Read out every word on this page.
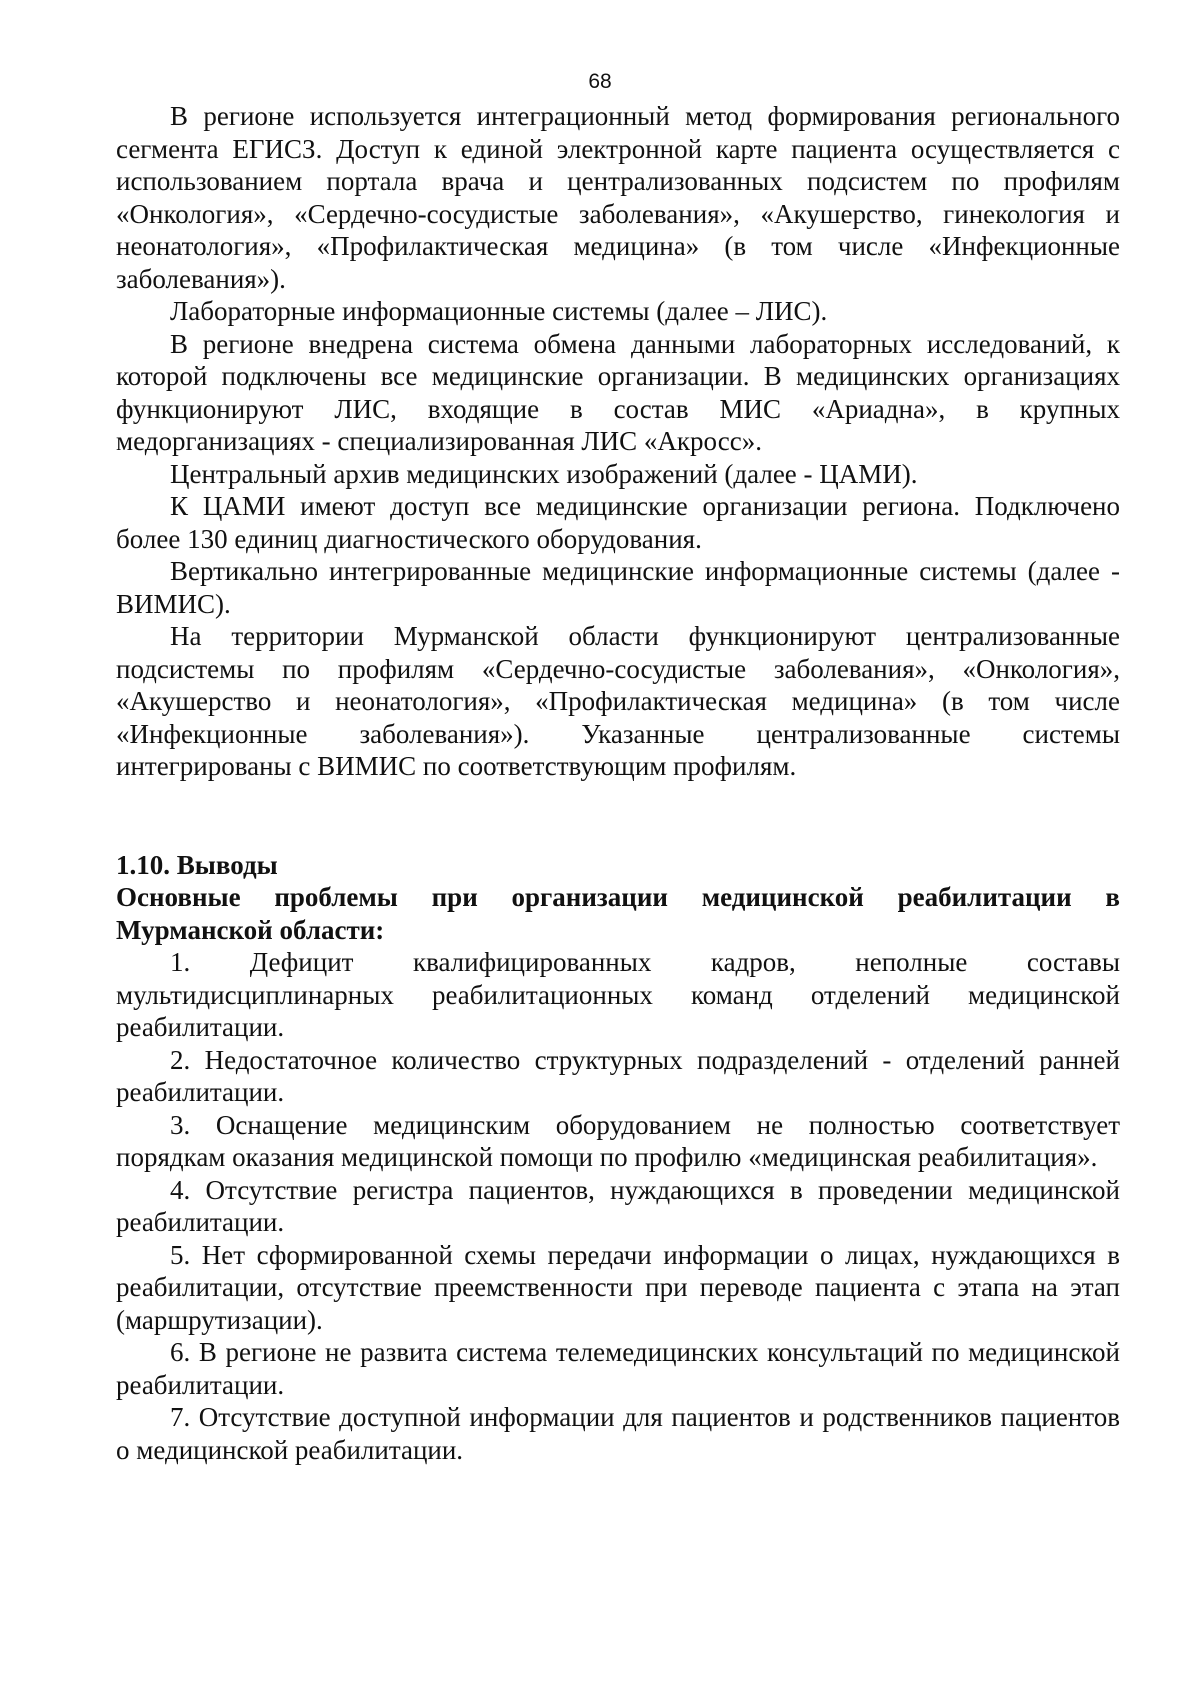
68

В регионе используется интеграционный метод формирования регионального сегмента ЕГИСЗ. Доступ к единой электронной карте пациента осуществляется с использованием портала врача и централизованных подсистем по профилям «Онкология», «Сердечно-сосудистые заболевания», «Акушерство, гинекология и неонатология», «Профилактическая медицина» (в том числе «Инфекционные заболевания»).

Лабораторные информационные системы (далее – ЛИС).

В регионе внедрена система обмена данными лабораторных исследований, к которой подключены все медицинские организации. В медицинских организациях функционируют ЛИС, входящие в состав МИС «Ариадна», в крупных медорганизациях - специализированная ЛИС «Акросс».

Центральный архив медицинских изображений (далее - ЦАМИ).

К ЦАМИ имеют доступ все медицинские организации региона. Подключено более 130 единиц диагностического оборудования.

Вертикально интегрированные медицинские информационные системы (далее - ВИМИС).

На территории Мурманской области функционируют централизованные подсистемы по профилям «Сердечно-сосудистые заболевания», «Онкология», «Акушерство и неонатология», «Профилактическая медицина» (в том числе «Инфекционные заболевания»). Указанные централизованные системы интегрированы с ВИМИС по соответствующим профилям.

1.10. Выводы
Основные проблемы при организации медицинской реабилитации в Мурманской области:

1. Дефицит квалифицированных кадров, неполные составы мультидисциплинарных реабилитационных команд отделений медицинской реабилитации.

2. Недостаточное количество структурных подразделений - отделений ранней реабилитации.

3. Оснащение медицинским оборудованием не полностью соответствует порядкам оказания медицинской помощи по профилю «медицинская реабилитация».

4. Отсутствие регистра пациентов, нуждающихся в проведении медицинской реабилитации.

5. Нет сформированной схемы передачи информации о лицах, нуждающихся в реабилитации, отсутствие преемственности при переводе пациента с этапа на этап (маршрутизации).

6. В регионе не развита система телемедицинских консультаций по медицинской реабилитации.

7. Отсутствие доступной информации для пациентов и родственников пациентов о медицинской реабилитации.
